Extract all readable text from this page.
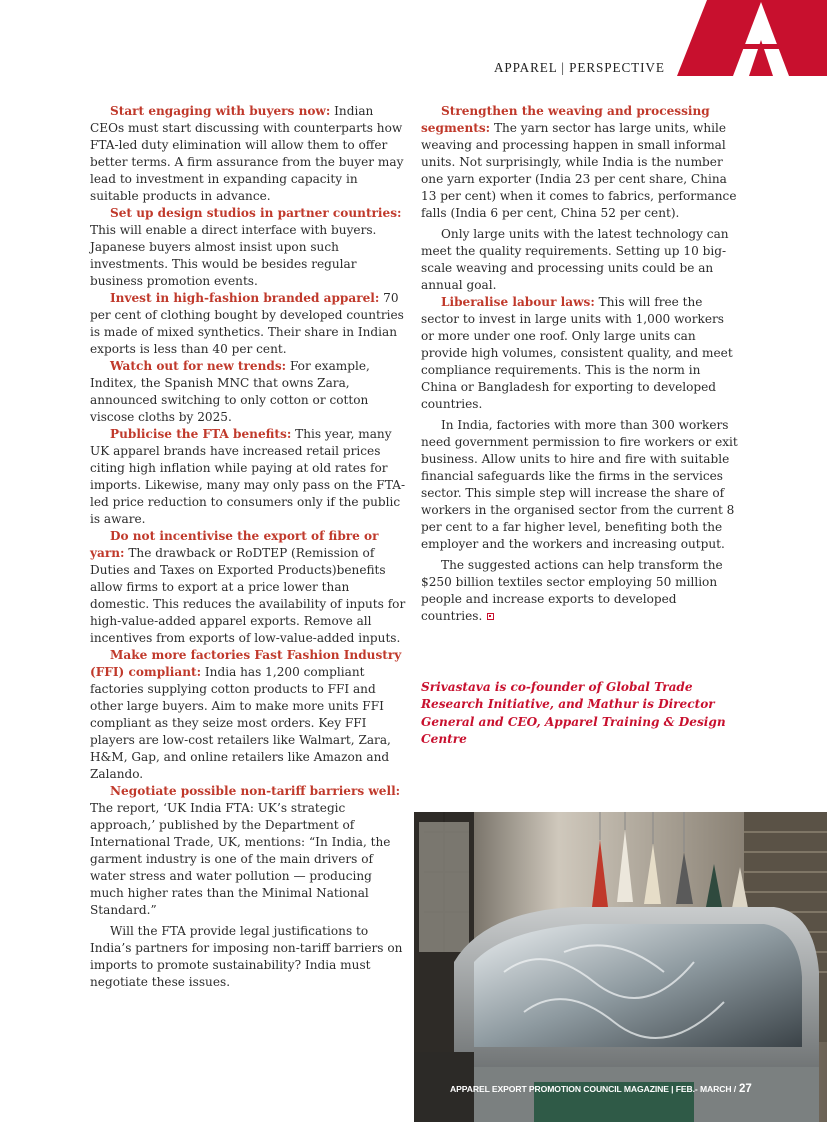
APPAREL | PERSPECTIVE

Start engaging with buyers now: Indian CEOs must start discussing with counterparts how FTA-led duty elimination will allow them to offer better terms. A firm assurance from the buyer may lead to investment in expanding capacity in suitable products in advance.

Set up design studios in partner countries: This will enable a direct interface with buyers. Japanese buyers almost insist upon such investments. This would be besides regular business promotion events.

Invest in high-fashion branded apparel: 70 per cent of clothing bought by developed countries is made of mixed synthetics. Their share in Indian exports is less than 40 per cent.

Watch out for new trends: For example, Inditex, the Spanish MNC that owns Zara, announced switching to only cotton or cotton viscose cloths by 2025.

Publicise the FTA benefits: This year, many UK apparel brands have increased retail prices citing high inflation while paying at old rates for imports. Likewise, many may only pass on the FTA-led price reduction to consumers only if the public is aware.

Do not incentivise the export of fibre or yarn: The drawback or RoDTEP (Remission of Duties and Taxes on Exported Products)benefits allow firms to export at a price lower than domestic. This reduces the availability of inputs for high-value-added apparel exports. Remove all incentives from exports of low-value-added inputs.

Make more factories Fast Fashion Industry (FFI) compliant: India has 1,200 compliant factories supplying cotton products to FFI and other large buyers. Aim to make more units FFI compliant as they seize most orders. Key FFI players are low-cost retailers like Walmart, Zara, H&M, Gap, and online retailers like Amazon and Zalando.

Negotiate possible non-tariff barriers well: The report, ‘UK India FTA: UK’s strategic approach,’ published by the Department of International Trade, UK, mentions: “In India, the garment industry is one of the main drivers of water stress and water pollution — producing much higher rates than the Minimal National Standard.”

Will the FTA provide legal justifications to India’s partners for imposing non-tariff barriers on imports to promote sustainability? India must negotiate these issues.

Strengthen the weaving and processing segments: The yarn sector has large units, while weaving and processing happen in small informal units. Not surprisingly, while India is the number one yarn exporter (India 23 per cent share, China 13 per cent) when it comes to fabrics, performance falls (India 6 per cent, China 52 per cent).

Only large units with the latest technology can meet the quality requirements. Setting up 10 big-scale weaving and processing units could be an annual goal.

Liberalise labour laws: This will free the sector to invest in large units with 1,000 workers or more under one roof. Only large units can provide high volumes, consistent quality, and meet compliance requirements. This is the norm in China or Bangladesh for exporting to developed countries.

In India, factories with more than 300 workers need government permission to fire workers or exit business. Allow units to hire and fire with suitable financial safeguards like the firms in the services sector. This simple step will increase the share of workers in the organised sector from the current 8 per cent to a far higher level, benefiting both the employer and the workers and increasing output.

The suggested actions can help transform the $250 billion textiles sector employing 50 million people and increase exports to developed countries.

Srivastava is co-founder of Global Trade Research Initiative, and Mathur is Director General and CEO, Apparel Training & Design Centre

APPAREL EXPORT PROMOTION COUNCIL MAGAZINE | FEB.- MARCH / 27
